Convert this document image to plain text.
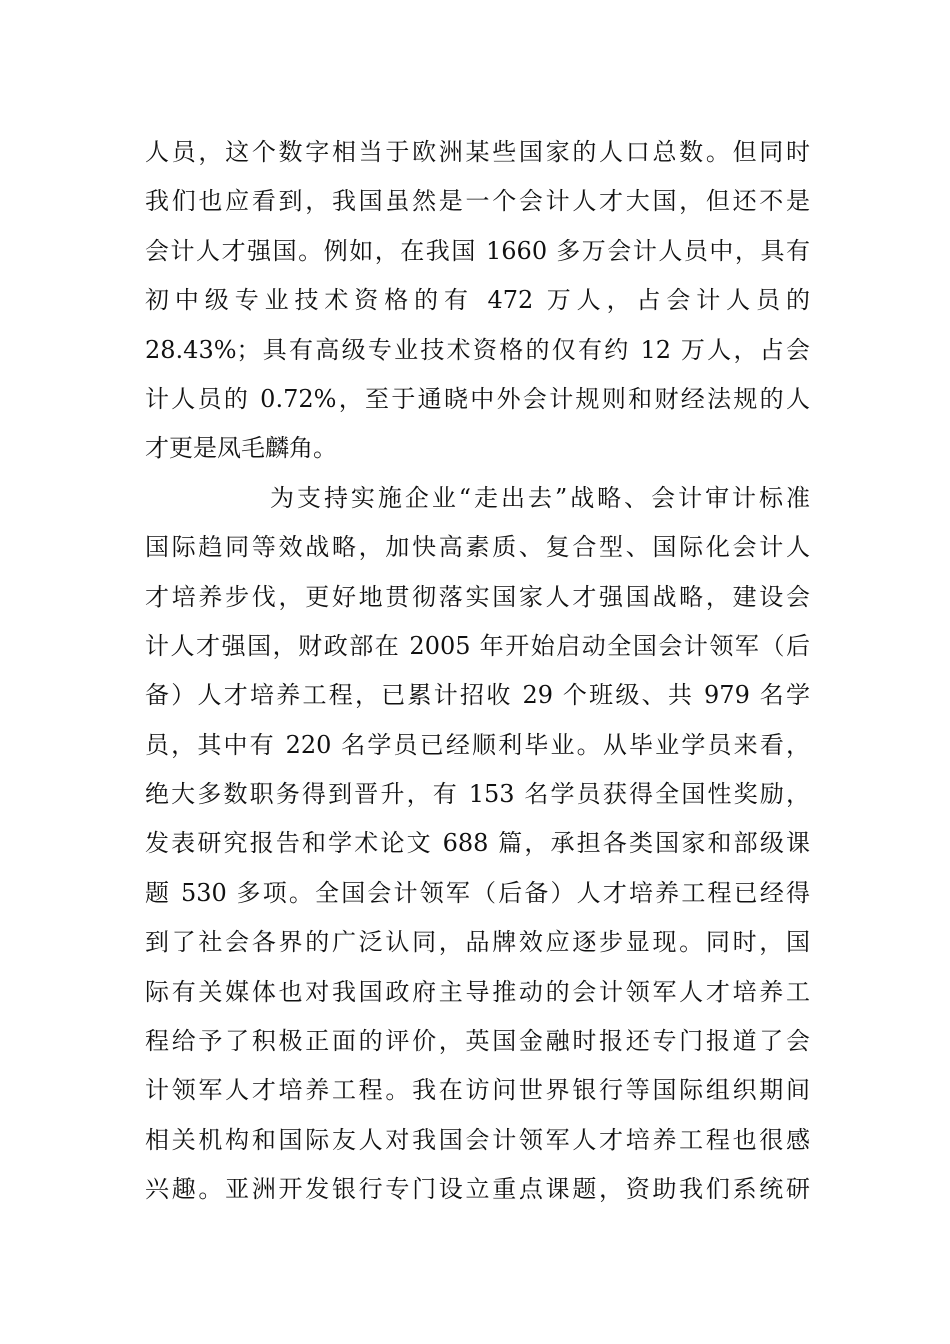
人员，这个数字相当于欧洲某些国家的人口总数。但同时
我们也应看到，我国虽然是一个会计人才大国，但还不是
会计人才强国。例如，在我国 1660 多万会计人员中，具有
初中级专业技术资格的有 472 万人，占会计人员的
28.43%；具有高级专业技术资格的仅有约 12 万人，占会
计人员的 0.72%，至于通晓中外会计规则和财经法规的人
才更是凤毛麟角。
为支持实施企业“走出去”战略、会计审计标准
国际趋同等效战略，加快高素质、复合型、国际化会计人
才培养步伐，更好地贯彻落实国家人才强国战略，建设会
计人才强国，财政部在 2005 年开始启动全国会计领军（后
备）人才培养工程，已累计招收 29 个班级、共 979 名学
员，其中有 220 名学员已经顺利毕业。从毕业学员来看，
绝大多数职务得到晋升，有 153 名学员获得全国性奖励，
发表研究报告和学术论文 688 篇，承担各类国家和部级课
题 530 多项。全国会计领军（后备）人才培养工程已经得
到了社会各界的广泛认同，品牌效应逐步显现。同时，国
际有关媒体也对我国政府主导推动的会计领军人才培养工
程给予了积极正面的评价，英国金融时报还专门报道了会
计领军人才培养工程。我在访问世界银行等国际组织期间
相关机构和国际友人对我国会计领军人才培养工程也很感
兴趣。亚洲开发银行专门设立重点课题，资助我们系统研
